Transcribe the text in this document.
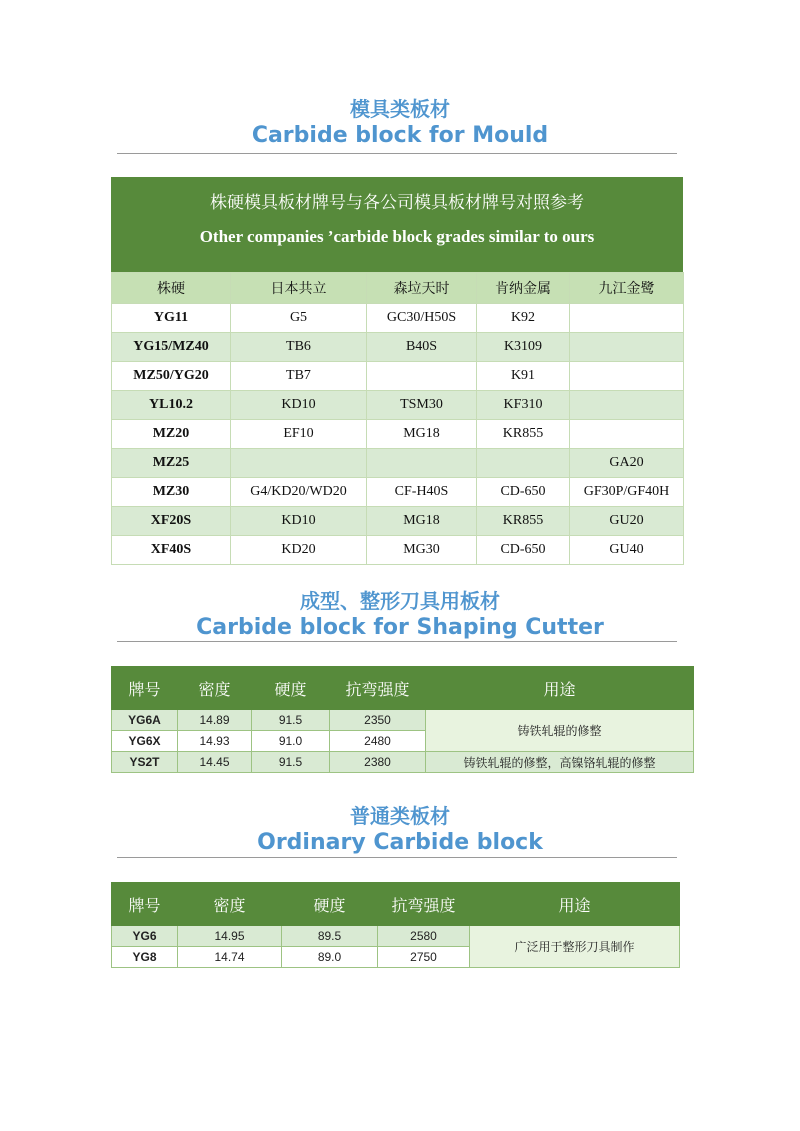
模具类板材
Carbide block for Mould
株硬模具板材牌号与各公司模具板材牌号对照参考
Other companies ’carbide block grades similar to ours
株硬	日本共立	森垃天时	肯纳金属	九江金鹭
YG11	G5	GC30/H50S	K92	
YG15/MZ40	TB6	B40S	K3109	
MZ50/YG20	TB7		K91	
YL10.2	KD10	TSM30	KF310	
MZ20	EF10	MG18	KR855	
MZ25				GA20
MZ30	G4/KD20/WD20	CF-H40S	CD-650	GF30P/GF40H
XF20S	KD10	MG18	KR855	GU20
XF40S	KD20	MG30	CD-650	GU40
成型、整形刀具用板材
Carbide block for Shaping Cutter
牌号	密度	硬度	抗弯强度	用途
YG6A	14.89	91.5	2350	铸铁轧辊的修整
YG6X	14.93	91.0	2480	
YS2T	14.45	91.5	2380	铸铁轧辊的修整，高镍铬轧辊的修整
普通类板材
Ordinary Carbide block
牌号	密度	硬度	抗弯强度	用途
YG6	14.95	89.5	2580	广泛用于整形刀具制作
YG8	14.74	89.0	2750	
